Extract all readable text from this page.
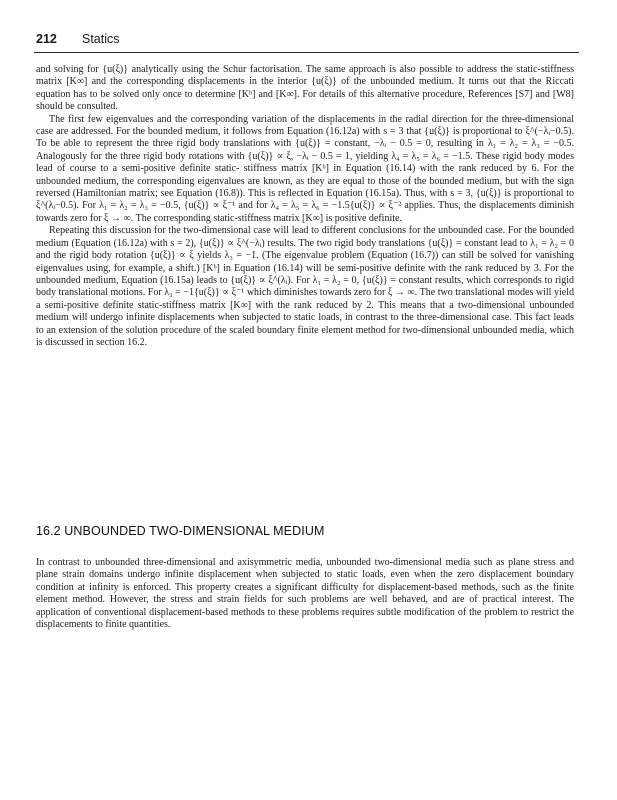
212 Statics

and solving for {u(ξ)} analytically using the Schur factorisation. The same approach is also possible to address the static-stiffness matrix [K∞] and the corresponding displacements in the interior {u(ξ)} of the unbounded medium. It turns out that the Riccati equation has to be solved only once to determine [Kᵇ] and [K∞]. For details of this alternative procedure, References [S7] and [W8] should be consulted.

The first few eigenvalues and the corresponding variation of the displacements in the radial direction for the three-dimensional case are addressed. For the bounded medium, it follows from Equation (16.12a) with s = 3 that {u(ξ)} is proportional to ξ^(−λᵢ−0.5). To be able to represent the three rigid body translations with {u(ξ)} = constant, −λᵢ − 0.5 = 0, resulting in λ₁ = λ₂ = λ₃ = −0.5. Analogously for the three rigid body rotations with {u(ξ)} ∝ ξ, −λᵢ − 0.5 = 1, yielding λ₄ = λ₅ = λ₆ = −1.5. These rigid body modes lead of course to a semi-positive definite static- stiffness matrix [Kᵇ] in Equation (16.14) with the rank reduced by 6. For the unbounded medium, the corresponding eigenvalues are known, as they are equal to those of the bounded medium, but with the sign reversed (Hamiltonian matrix; see Equation (16.8)). This is reflected in Equation (16.15a). Thus, with s = 3, {u(ξ)} is proportional to ξ^(λᵢ−0.5). For λ₁ = λ₂ = λ₃ = −0.5, {u(ξ)} ∝ ξ⁻¹ and for λ₄ = λ₅ = λ₆ = −1.5{u(ξ)} ∝ ξ⁻² applies. Thus, the displacements diminish towards zero for ξ → ∞. The corresponding static-stiffness matrix [K∞] is positive definite.

Repeating this discussion for the two-dimensional case will lead to different conclusions for the unbounded case. For the bounded medium (Equation (16.12a) with s = 2), {u(ξ)} ∝ ξ^(−λᵢ) results. The two rigid body translations {u(ξ)} = constant lead to λ₁ = λ₂ = 0 and the rigid body rotation {u(ξ)} ∝ ξ yields λ₃ = −1. (The eigenvalue problem (Equation (16.7)) can still be solved for vanishing eigenvalues using, for example, a shift.) [Kᵇ] in Equation (16.14) will be semi-positive definite with the rank reduced by 3. For the unbounded medium, Equation (16.15a) leads to {u(ξ)} ∝ ξ^(λᵢ). For λ₁ = λ₂ = 0, {u(ξ)} = constant results, which corresponds to rigid body translational motions. For λ₃ = −1{u(ξ)} ∝ ξ⁻¹ which diminishes towards zero for ξ → ∞. The two translational modes will yield a semi-positive definite static-stiffness matrix [K∞] with the rank reduced by 2. This means that a two-dimensional unbounded medium will undergo infinite displacements when subjected to static loads, in contrast to the three-dimensional case. This fact leads to an extension of the solution procedure of the scaled boundary finite element method for two-dimensional unbounded media, which is discussed in section 16.2.

16.2 UNBOUNDED TWO-DIMENSIONAL MEDIUM

In contrast to unbounded three-dimensional and axisymmetric media, unbounded two-dimensional media such as plane stress and plane strain domains undergo infinite displacement when subjected to static loads, even when the zero displacement boundary condition at infinity is enforced. This property creates a significant difficulty for displacement-based methods, such as the finite element method. However, the stress and strain fields for such problems are well behaved, and are of practical interest. The application of conventional displacement-based methods to these problems requires subtle modification of the problem to restrict the displacements to finite quantities.
